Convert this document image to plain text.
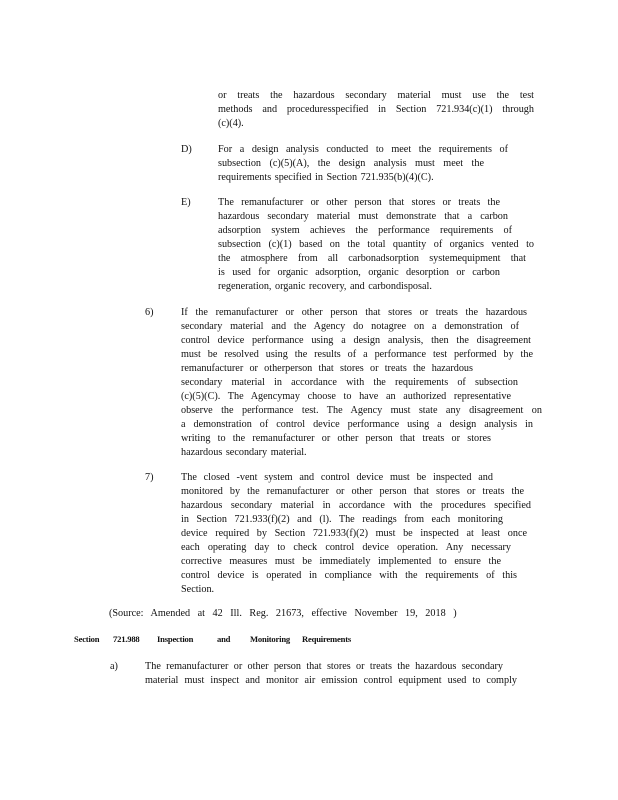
or treats the hazardous secondary material must use the test
methods and proceduresspecified in Section 721.934(c)(1) through
(c)(4).
D)	For a design analysis conducted to meet the requirements of
subsection (c)(5)(A), the design analysis must meet the
requirements specified in Section 721.935(b)(4)(C).
E)	The remanufacturer or other person that stores or treats the
hazardous secondary material must demonstrate that a carbon
adsorption system achieves the performance requirements of
subsection (c)(1) based on the total quantity of organics vented to
the atmosphere from all carbonadsorption systemequipment that
is used for organic adsorption, organic desorption or carbon
regeneration, organic recovery, and carbondisposal.
6)	If the remanufacturer or other person that stores or treats the hazardous
secondary material and the Agency do notagree on a demonstration of
control device performance using a design analysis, then the disagreement
must be resolved using the results of a performance test performed by the
remanufacturer or otherperson that stores or treats the hazardous
secondary material in accordance with the requirements of subsection
(c)(5)(C). The Agencymay choose to have an authorized representative
observe the performance test. The Agency must state any disagreement on
a demonstration of control device performance using a design analysis in
writing to the remanufacturer or other person that treats or stores
hazardous secondary material.
7)	The closed -vent system and control device must be inspected and
monitored by the remanufacturer or other person that stores or treats the
hazardous secondary material in accordance with the procedures specified
in Section 721.933(f)(2) and (l). The readings from each monitoring
device required by Section 721.933(f)(2) must be inspected at least once
each operating day to check control device operation. Any necessary
corrective measures must be immediately implemented to ensure the
control device is operated in compliance with the requirements of this
Section.
(Source: Amended at 42 Ill. Reg. 21673, effective November 19, 2018 )
Section 721.988 Inspection	and Monitoring Requirements
a)	The remanufacturer or other person that stores or treats the hazardous secondary
material must inspect and monitor air emission control equipment used to comply
